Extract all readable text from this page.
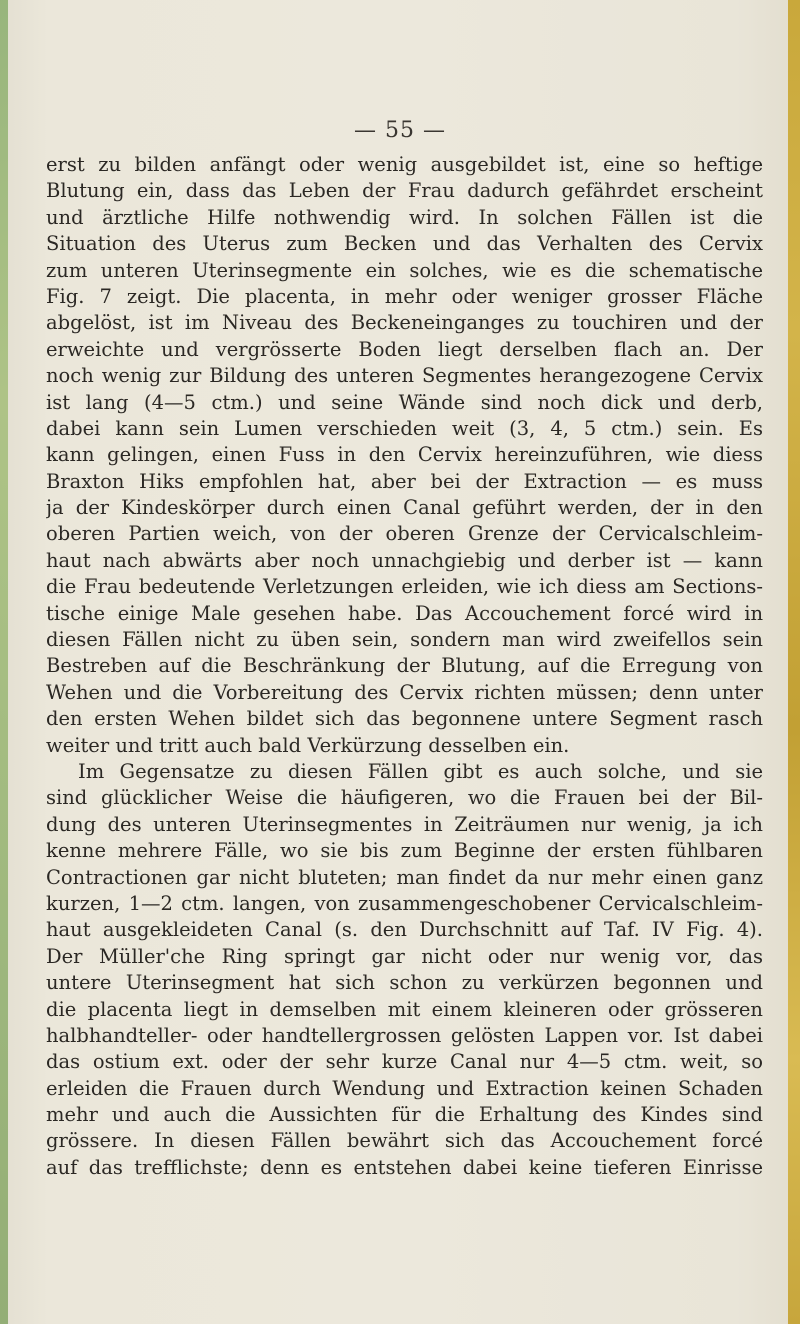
— 55 —
erst zu bilden anfängt oder wenig ausgebildet ist, eine so heftige
Blutung ein, dass das Leben der Frau dadurch gefährdet erscheint
und ärztliche Hilfe nothwendig wird. In solchen Fällen ist die
Situation des Uterus zum Becken und das Verhalten des Cervix
zum unteren Uterinsegmente ein solches, wie es die schematische
Fig. 7 zeigt. Die placenta, in mehr oder weniger grosser Fläche
abgelöst, ist im Niveau des Beckeneinganges zu touchiren und der
erweichte und vergrösserte Boden liegt derselben flach an. Der
noch wenig zur Bildung des unteren Segmentes herangezogene Cervix
ist lang (4—5 ctm.) und seine Wände sind noch dick und derb,
dabei kann sein Lumen verschieden weit (3, 4, 5 ctm.) sein. Es
kann gelingen, einen Fuss in den Cervix hereinzuführen, wie diess
Braxton Hiks empfohlen hat, aber bei der Extraction — es muss
ja der Kindeskörper durch einen Canal geführt werden, der in den
oberen Partien weich, von der oberen Grenze der Cervicalschleim-
haut nach abwärts aber noch unnachgiebig und derber ist — kann
die Frau bedeutende Verletzungen erleiden, wie ich diess am Sections-
tische einige Male gesehen habe. Das Accouchement forcé wird in
diesen Fällen nicht zu üben sein, sondern man wird zweifellos sein
Bestreben auf die Beschränkung der Blutung, auf die Erregung von
Wehen und die Vorbereitung des Cervix richten müssen; denn unter
den ersten Wehen bildet sich das begonnene untere Segment rasch
weiter und tritt auch bald Verkürzung desselben ein.
Im Gegensatze zu diesen Fällen gibt es auch solche, und sie
sind glücklicher Weise die häufigeren, wo die Frauen bei der Bil-
dung des unteren Uterinsegmentes in Zeiträumen nur wenig, ja ich
kenne mehrere Fälle, wo sie bis zum Beginne der ersten fühlbaren
Contractionen gar nicht bluteten; man findet da nur mehr einen ganz
kurzen, 1—2 ctm. langen, von zusammengeschobener Cervicalschleim-
haut ausgekleideten Canal (s. den Durchschnitt auf Taf. IV Fig. 4).
Der Müller'che Ring springt gar nicht oder nur wenig vor, das
untere Uterinsegment hat sich schon zu verkürzen begonnen und
die placenta liegt in demselben mit einem kleineren oder grösseren
halbhandteller- oder handtellergrossen gelösten Lappen vor. Ist dabei
das ostium ext. oder der sehr kurze Canal nur 4—5 ctm. weit, so
erleiden die Frauen durch Wendung und Extraction keinen Schaden
mehr und auch die Aussichten für die Erhaltung des Kindes sind
grössere. In diesen Fällen bewährt sich das Accouchement forcé
auf das trefflichste; denn es entstehen dabei keine tieferen Einrisse
